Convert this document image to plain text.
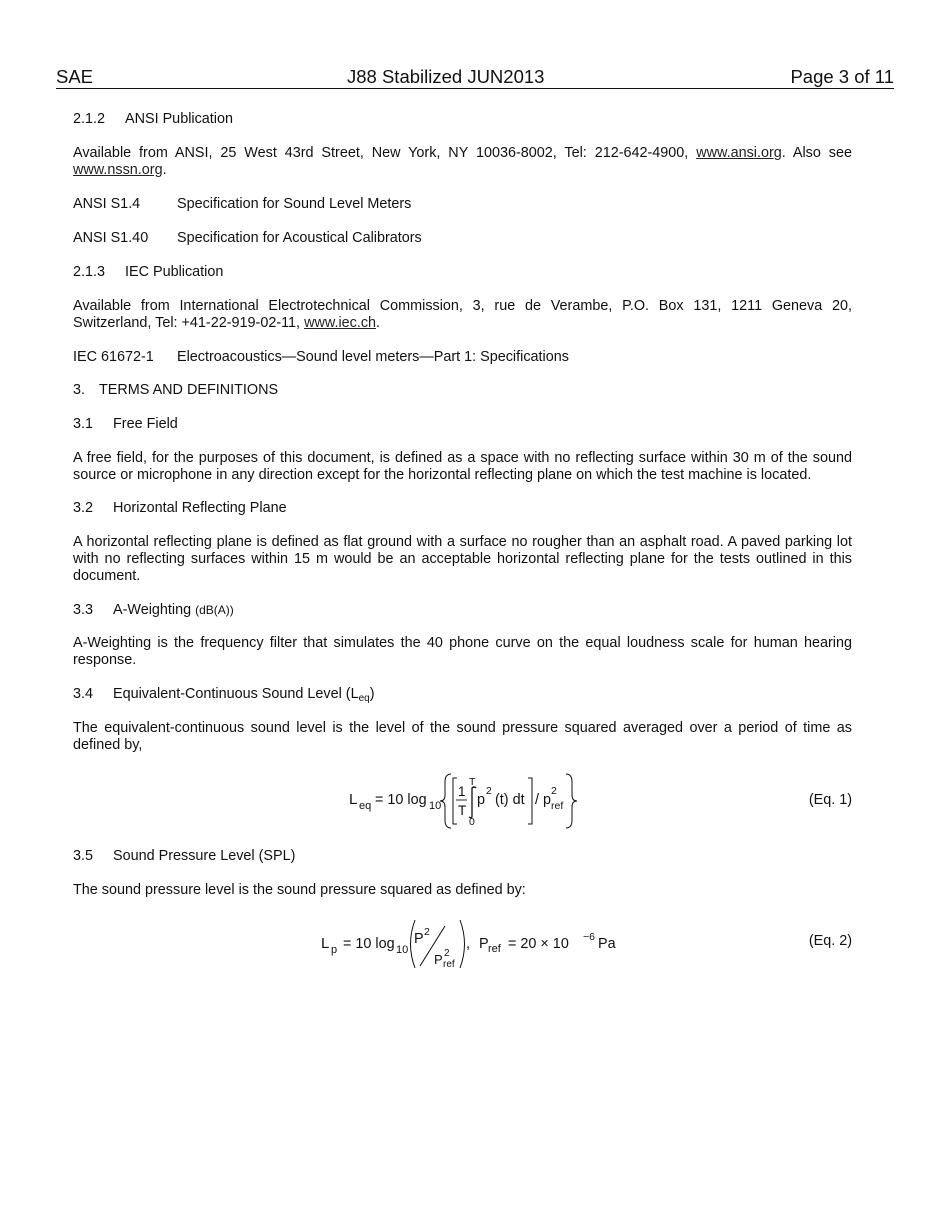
SAE	J88 Stabilized JUN2013	Page 3 of 11
2.1.2 ANSI Publication

Available from ANSI, 25 West 43rd Street, New York, NY 10036-8002, Tel: 212-642-4900, www.ansi.org. Also see www.nssn.org.

ANSI S1.4	Specification for Sound Level Meters
ANSI S1.40	Specification for Acoustical Calibrators
2.1.3 IEC Publication

Available from International Electrotechnical Commission, 3, rue de Verambe, P.O. Box 131, 1211 Geneva 20, Switzerland, Tel: +41-22-919-02-11, www.iec.ch.

IEC 61672-1	Electroacoustics—Sound level meters—Part 1: Specifications
3. TERMS AND DEFINITIONS
3.1 Free Field

A free field, for the purposes of this document, is defined as a space with no reflecting surface within 30 m of the sound source or microphone in any direction except for the horizontal reflecting plane on which the test machine is located.

3.2 Horizontal Reflecting Plane

A horizontal reflecting plane is defined as flat ground with a surface no rougher than an asphalt road. A paved parking lot with no reflecting surfaces within 15 m would be an acceptable horizontal reflecting plane for the tests outlined in this document.

3.3 A-Weighting (dB(A))

A-Weighting is the frequency filter that simulates the 40 phone curve on the equal loudness scale for human hearing response.

3.4 Equivalent-Continuous Sound Level $(L_{eq})$

The equivalent-continuous sound level is the level of the sound pressure squared averaged over a period of time as defined by,

L eq = 10 log 10
1
T
T
0
p
2
(t) dt / p
2
ref	(Eq. 1)
3.5 Sound Pressure Level (SPL)

The sound pressure level is the sound pressure squared as defined by:

L p = 10 log 10
P 2
P 2
ref
, P ref = 20 × 10 −6 Pa	(Eq. 2)
